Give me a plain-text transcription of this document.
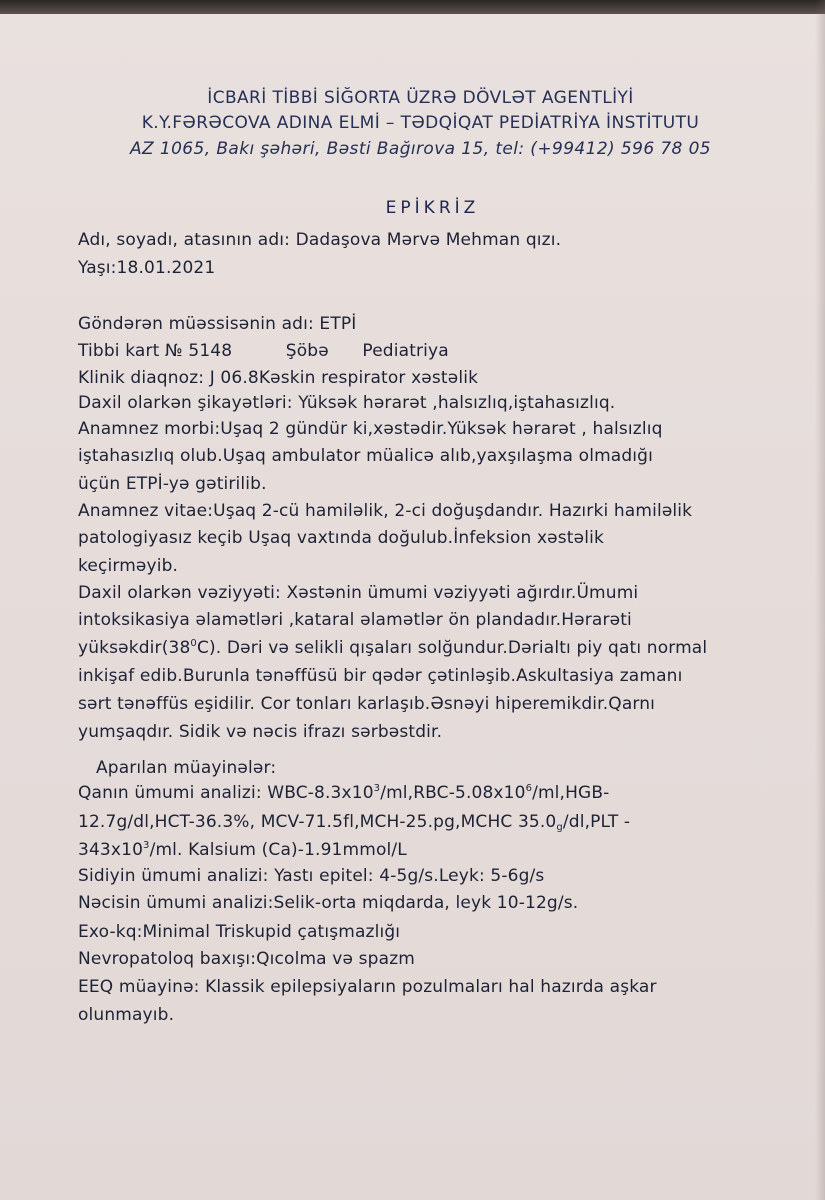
İCBARİ TİBBİ SİĞORTA ÜZRƏ DÖVLƏT AGENTLİYİ
K.Y.FƏRƏCOVA ADINA ELMİ – TƏDQİQAT PEDİATRİYA İNSTİTUTU
AZ 1065, Bakı şəhəri, Bəsti Bağırova 15, tel: (+99412) 596 78 05
EPİKRİZ
Adı, soyadı, atasının adı: Dadaşova Mərvə Mehman qızı.
Yaşı:18.01.2021
Göndərən müəssisənin adı: ETPİ
Tibbi kart № 5148	Şöbə Pediatriya
Klinik diaqnoz: J 06.8Kəskin respirator xəstəlik
Daxil olarkən şikayətləri: Yüksək hərarət ,halsızlıq,iştahasızlıq.
Anamnez morbi:Uşaq 2 gündür ki,xəstədir.Yüksək hərarət , halsızlıq
iştahasızlıq olub.Uşaq ambulator müalicə alıb,yaxşılaşma olmadığı
üçün ETPİ-yə gətirilib.
Anamnez vitae:Uşaq 2-cü hamiləlik, 2-ci doğuşdandır. Hazırki hamiləlik
patologiyasız keçib Uşaq vaxtında doğulub.İnfeksion xəstəlik
keçirməyib.
Daxil olarkən vəziyyəti: Xəstənin ümumi vəziyyəti ağırdır.Ümumi
intoksikasiya əlamətləri ,kataral əlamətlər ön plandadır.Hərarəti
$yüksəkdir(38^0C)$. Dəri və selikli qışaları solğundur.Dərialtı piy qatı normal
inkişaf edib.Burunla tənəffüsü bir qədər çətinləşib.Askultasiya zamanı
sərt tənəffüs eşidilir. Cor tonları karlaşıb.Əsnəyi hiperemikdir.Qarnı
yumşaqdır. Sidik və nəcis ifrazı sərbəstdir.
Aparılan müayinələr:
Qanın ümumi analizi: WBC-$8.3x10^3/ml,RBC-5.08x10^6/ml,HGB-$
12.7g/dl,HCT-36.3%, MCV-71.5fl,MCH-25.pg,MCHC $35.0_g/dl,PLT$ -
$343x10^3/ml$. Kalsium (Ca)-1.91mmol/L
Sidiyin ümumi analizi: Yastı epitel: 4-5g/s.Leyk: 5-6g/s
Nəcisin ümumi analizi:Selik-orta miqdarda, leyk 10-12g/s.
Exo-kq:Minimal Triskupid çatışmazlığı
Nevropatoloq baxışı:Qıcolma və spazm
EEQ müayinə: Klassik epilepsiyaların pozulmaları hal hazırda aşkar
olunmayıb.
